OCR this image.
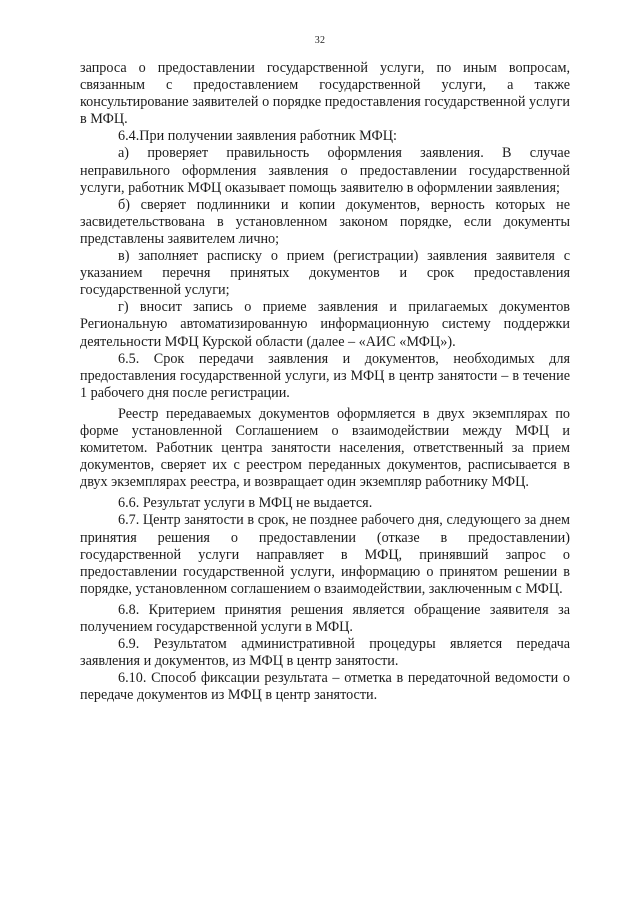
32

запроса о предоставлении государственной услуги, по иным вопросам, связанным с предоставлением государственной услуги, а также консультирование заявителей о порядке предоставления государственной услуги в МФЦ.

6.4.При получении заявления работник МФЦ:

а) проверяет правильность оформления заявления. В случае неправильного оформления заявления о предоставлении государственной услуги, работник МФЦ оказывает помощь заявителю в оформлении заявления;

б) сверяет подлинники и копии документов, верность которых не засвидетельствована в установленном законом порядке, если документы представлены заявителем лично;

в) заполняет расписку о прием (регистрации) заявления заявителя с указанием перечня принятых документов и срок предоставления государственной услуги;

г) вносит запись о приеме заявления и прилагаемых документов Региональную автоматизированную информационную систему поддержки деятельности МФЦ Курской области (далее – «АИС «МФЦ»).

6.5. Срок передачи заявления и документов, необходимых для предоставления государственной услуги, из МФЦ в центр занятости – в течение 1 рабочего дня после регистрации.

Реестр передаваемых документов оформляется в двух экземплярах по форме установленной Соглашением о взаимодействии между МФЦ и комитетом. Работник центра занятости населения, ответственный за прием документов, сверяет их с реестром переданных документов, расписывается в двух экземплярах реестра, и возвращает один экземпляр работнику МФЦ.

6.6. Результат услуги в МФЦ не выдается.

6.7. Центр занятости в срок, не позднее рабочего дня, следующего за днем принятия решения о предоставлении (отказе в предоставлении) государственной услуги направляет в МФЦ, принявший запрос о предоставлении государственной услуги, информацию о принятом решении в порядке, установленном соглашением о взаимодействии, заключенным с МФЦ.

6.8. Критерием принятия решения является обращение заявителя за получением государственной услуги в МФЦ.

6.9. Результатом административной процедуры является передача заявления и документов, из МФЦ в центр занятости.

6.10. Способ фиксации результата – отметка в передаточной ведомости о передаче документов из МФЦ в центр занятости.
